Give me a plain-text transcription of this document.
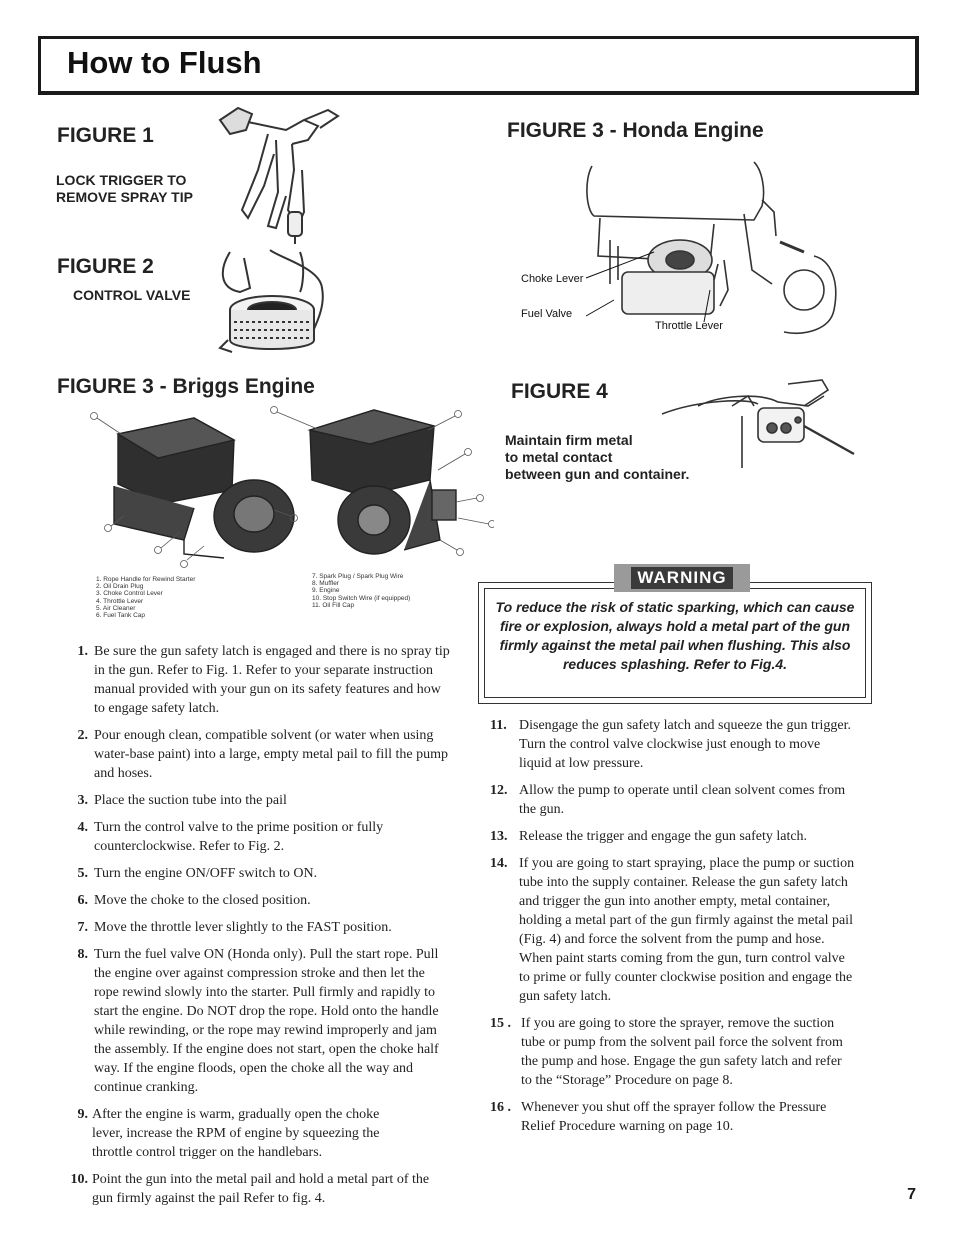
How to Flush
FIGURE 1
LOCK TRIGGER TO
REMOVE SPRAY TIP
FIGURE 2
CONTROL VALVE
FIGURE 3 - Honda Engine
Choke Lever
Fuel Valve
Throttle Lever
FIGURE 3 - Briggs Engine
1. Rope Handle for Rewind Starter
2. Oil Drain Plug
3. Choke Control Lever
4. Throttle Lever
5. Air Cleaner
6. Fuel Tank Cap
7. Spark Plug / Spark Plug Wire
8. Muffler
9. Engine
10. Stop Switch Wire (if equipped)
11. Oil Fill Cap
FIGURE 4
Maintain firm metal
to metal contact
between gun and container.
WARNING
To reduce the risk of static sparking, which can cause fire or explosion, always hold a metal part of the gun firmly against the metal pail when flushing. This also reduces splashing. Refer to Fig.4.
1. Be sure the gun safety latch is engaged and there is no spray tip in the gun. Refer to Fig. 1. Refer to your separate instruction manual provided with your gun on its safety features and how to engage safety latch.
2. Pour enough clean, compatible solvent (or water when using water-base paint) into a large, empty metal pail to fill the pump and hoses.
3. Place the suction tube into the pail
4. Turn the control valve to the prime position or fully counterclockwise. Refer to Fig. 2.
5. Turn the engine ON/OFF switch to ON.
6. Move the choke to the closed position.
7. Move the throttle lever slightly to the FAST position.
8. Turn the fuel valve ON (Honda only). Pull the start rope. Pull the engine over against compression stroke and then let the rope rewind slowly into the starter. Pull firmly and rapidly to start the engine. Do NOT drop the rope. Hold onto the handle while rewinding, or the rope may rewind improperly and jam the assembly. If the engine does not start, open the choke half way. If the engine floods, open the choke all the way and continue cranking.
9. After the engine is warm, gradually open the choke lever, increase the RPM of engine by squeezing the throttle control trigger on the handlebars.
10. Point the gun into the metal pail and hold a metal part of the gun firmly against the pail Refer to fig. 4.
11. Disengage the gun safety latch and squeeze the gun trigger. Turn the control valve clockwise just enough to move liquid at low pressure.
12. Allow the pump to operate until clean solvent comes from the gun.
13. Release the trigger and engage the gun safety latch.
14. If you are going to start spraying, place the pump or suction tube into the supply container. Release the gun safety latch and trigger the gun into another empty, metal container, holding a metal part of the gun firmly against the metal pail (Fig. 4) and force the solvent from the pump and hose. When paint starts coming from the gun, turn control valve to prime or fully counter clockwise position and engage the gun safety latch.
15 . If you are going to store the sprayer, remove the suction tube or pump from the solvent pail force the solvent from the pump and hose. Engage the gun safety latch and refer to the “Storage” Procedure on page 8.
16 . Whenever you shut off the sprayer follow the Pressure Relief Procedure warning on page 10.
7
